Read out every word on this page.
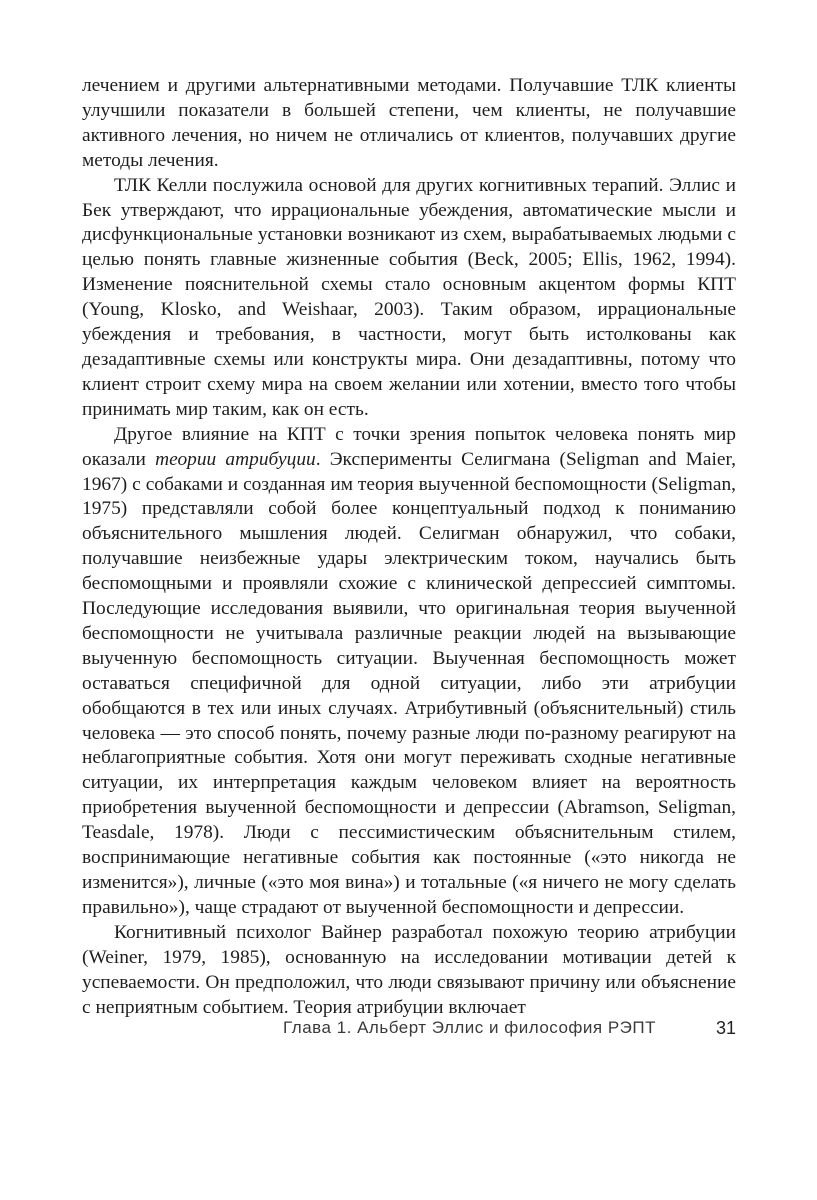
лечением и другими альтернативными методами. Получавшие ТЛК клиенты улучшили показатели в большей степени, чем клиенты, не получавшие активного лечения, но ничем не отличались от клиентов, получавших другие методы лечения.

ТЛК Келли послужила основой для других когнитивных терапий. Эллис и Бек утверждают, что иррациональные убеждения, автоматические мысли и дисфункциональные установки возникают из схем, вырабатываемых людьми с целью понять главные жизненные события (Beck, 2005; Ellis, 1962, 1994). Изменение пояснительной схемы стало основным акцентом формы КПТ (Young, Klosko, and Weishaar, 2003). Таким образом, иррациональные убеждения и требования, в частности, могут быть истолкованы как дезадаптивные схемы или конструкты мира. Они дезадаптивны, потому что клиент строит схему мира на своем желании или хотении, вместо того чтобы принимать мир таким, как он есть.

Другое влияние на КПТ с точки зрения попыток человека понять мир оказали теории атрибуции. Эксперименты Селигмана (Seligman and Maier, 1967) с собаками и созданная им теория выученной беспомощности (Seligman, 1975) представляли собой более концептуальный подход к пониманию объяснительного мышления людей. Селигман обнаружил, что собаки, получавшие неизбежные удары электрическим током, научались быть беспомощными и проявляли схожие с клинической депрессией симптомы. Последующие исследования выявили, что оригинальная теория выученной беспомощности не учитывала различные реакции людей на вызывающие выученную беспомощность ситуации. Выученная беспомощность может оставаться специфичной для одной ситуации, либо эти атрибуции обобщаются в тех или иных случаях. Атрибутивный (объяснительный) стиль человека — это способ понять, почему разные люди по-разному реагируют на неблагоприятные события. Хотя они могут переживать сходные негативные ситуации, их интерпретация каждым человеком влияет на вероятность приобретения выученной беспомощности и депрессии (Abramson, Seligman, Teasdale, 1978). Люди с пессимистическим объяснительным стилем, воспринимающие негативные события как постоянные («это никогда не изменится»), личные («это моя вина») и тотальные («я ничего не могу сделать правильно»), чаще страдают от выученной беспомощности и депрессии.

Когнитивный психолог Вайнер разработал похожую теорию атрибуции (Weiner, 1979, 1985), основанную на исследовании мотивации детей к успеваемости. Он предположил, что люди связывают причину или объяснение с неприятным событием. Теория атрибуции включает

Глава 1. Альберт Эллис и философия РЭПТ	31
